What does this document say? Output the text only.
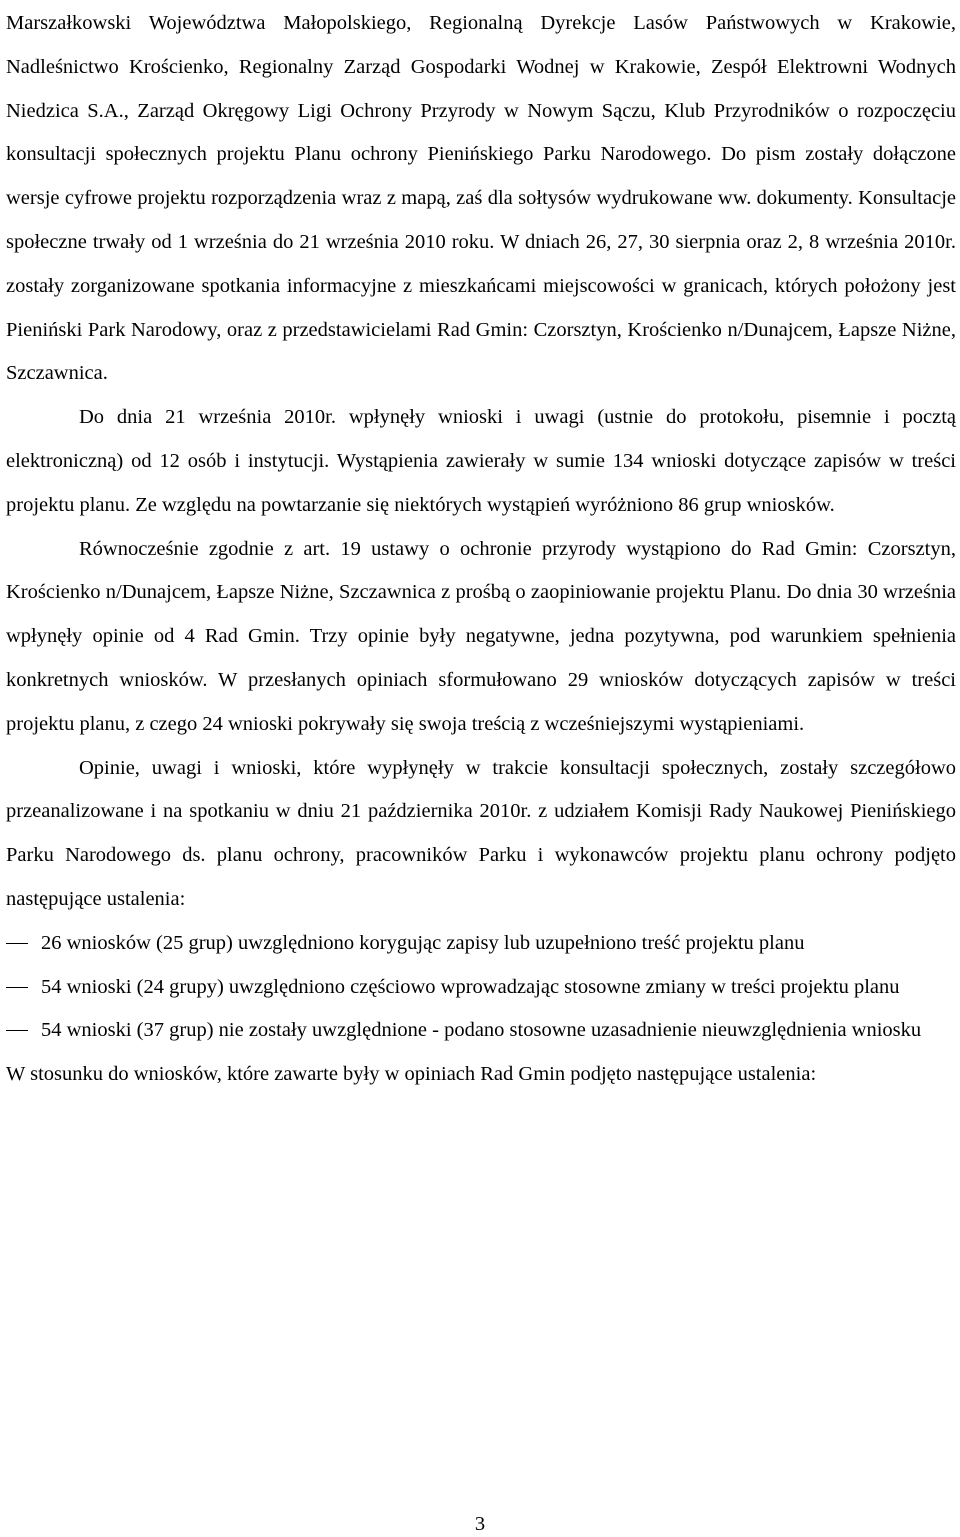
Marszałkowski Województwa Małopolskiego, Regionalną Dyrekcje Lasów Państwowych w Krakowie, Nadleśnictwo Krościenko, Regionalny Zarząd Gospodarki Wodnej w Krakowie, Zespół Elektrowni Wodnych Niedzica S.A., Zarząd Okręgowy Ligi Ochrony Przyrody w Nowym Sączu, Klub Przyrodników o rozpoczęciu konsultacji społecznych projektu Planu ochrony Pienińskiego Parku Narodowego. Do pism zostały dołączone wersje cyfrowe projektu rozporządzenia wraz z mapą, zaś dla sołtysów wydrukowane ww. dokumenty. Konsultacje społeczne trwały od 1 września do 21 września 2010 roku. W dniach 26, 27, 30 sierpnia oraz 2, 8 września 2010r. zostały zorganizowane spotkania informacyjne z mieszkańcami miejscowości w granicach, których położony jest Pieniński Park Narodowy, oraz z przedstawicielami Rad Gmin: Czorsztyn, Krościenko n/Dunajcem, Łapsze Niżne, Szczawnica.

Do dnia 21 września 2010r. wpłynęły wnioski i uwagi (ustnie do protokołu, pisemnie i pocztą elektroniczną) od 12 osób i instytucji. Wystąpienia zawierały w sumie 134 wnioski dotyczące zapisów w treści projektu planu. Ze względu na powtarzanie się niektórych wystąpień wyróżniono 86 grup wniosków.

Równocześnie zgodnie z art. 19 ustawy o ochronie przyrody wystąpiono do Rad Gmin: Czorsztyn, Krościenko n/Dunajcem, Łapsze Niżne, Szczawnica z prośbą o zaopiniowanie projektu Planu. Do dnia 30 września wpłynęły opinie od 4 Rad Gmin. Trzy opinie były negatywne, jedna pozytywna, pod warunkiem spełnienia konkretnych wniosków. W przesłanych opiniach sformułowano 29 wniosków dotyczących zapisów w treści projektu planu, z czego 24 wnioski pokrywały się swoja treścią z wcześniejszymi wystąpieniami.

Opinie, uwagi i wnioski, które wypłynęły w trakcie konsultacji społecznych, zostały szczegółowo przeanalizowane i na spotkaniu w dniu 21 października 2010r. z udziałem Komisji Rady Naukowej Pienińskiego Parku Narodowego ds. planu ochrony, pracowników Parku i wykonawców projektu planu ochrony podjęto następujące ustalenia:

26 wniosków (25 grup) uwzględniono korygując zapisy lub uzupełniono treść projektu planu
54 wnioski (24 grupy) uwzględniono częściowo wprowadzając stosowne zmiany w treści projektu planu
54 wnioski (37 grup) nie zostały uwzględnione - podano stosowne uzasadnienie nieuwzględnienia wniosku

W stosunku do wniosków, które zawarte były w opiniach Rad Gmin podjęto następujące ustalenia:

3
